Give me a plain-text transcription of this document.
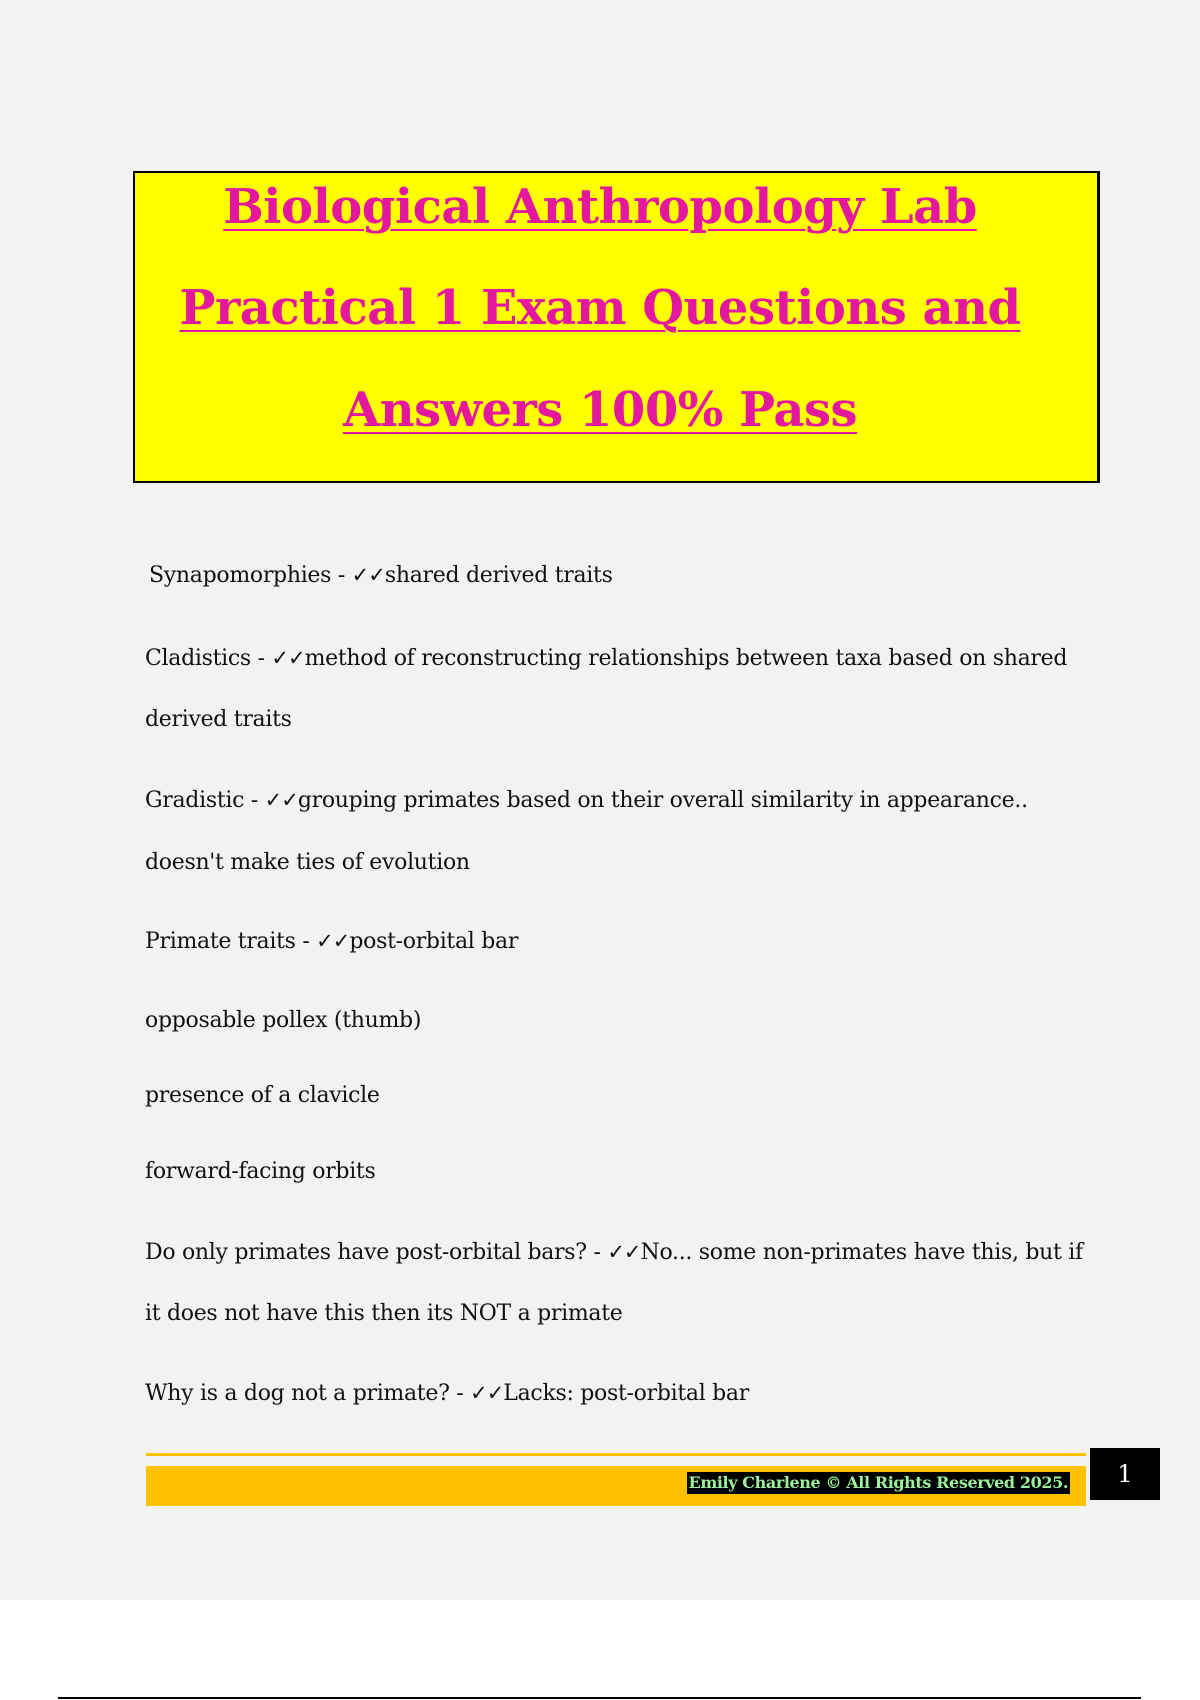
Biological Anthropology Lab
Practical 1 Exam Questions and
Answers 100% Pass
Synapomorphies - ✓✓shared derived traits
Cladistics - ✓✓method of reconstructing relationships between taxa based on shared
derived traits
Gradistic - ✓✓grouping primates based on their overall similarity in appearance..
doesn't make ties of evolution
Primate traits - ✓✓post-orbital bar
opposable pollex (thumb)
presence of a clavicle
forward-facing orbits
Do only primates have post-orbital bars? - ✓✓No... some non-primates have this, but if
it does not have this then its NOT a primate
Why is a dog not a primate? - ✓✓Lacks: post-orbital bar
Emily Charlene © All Rights Reserved 2025.	1
